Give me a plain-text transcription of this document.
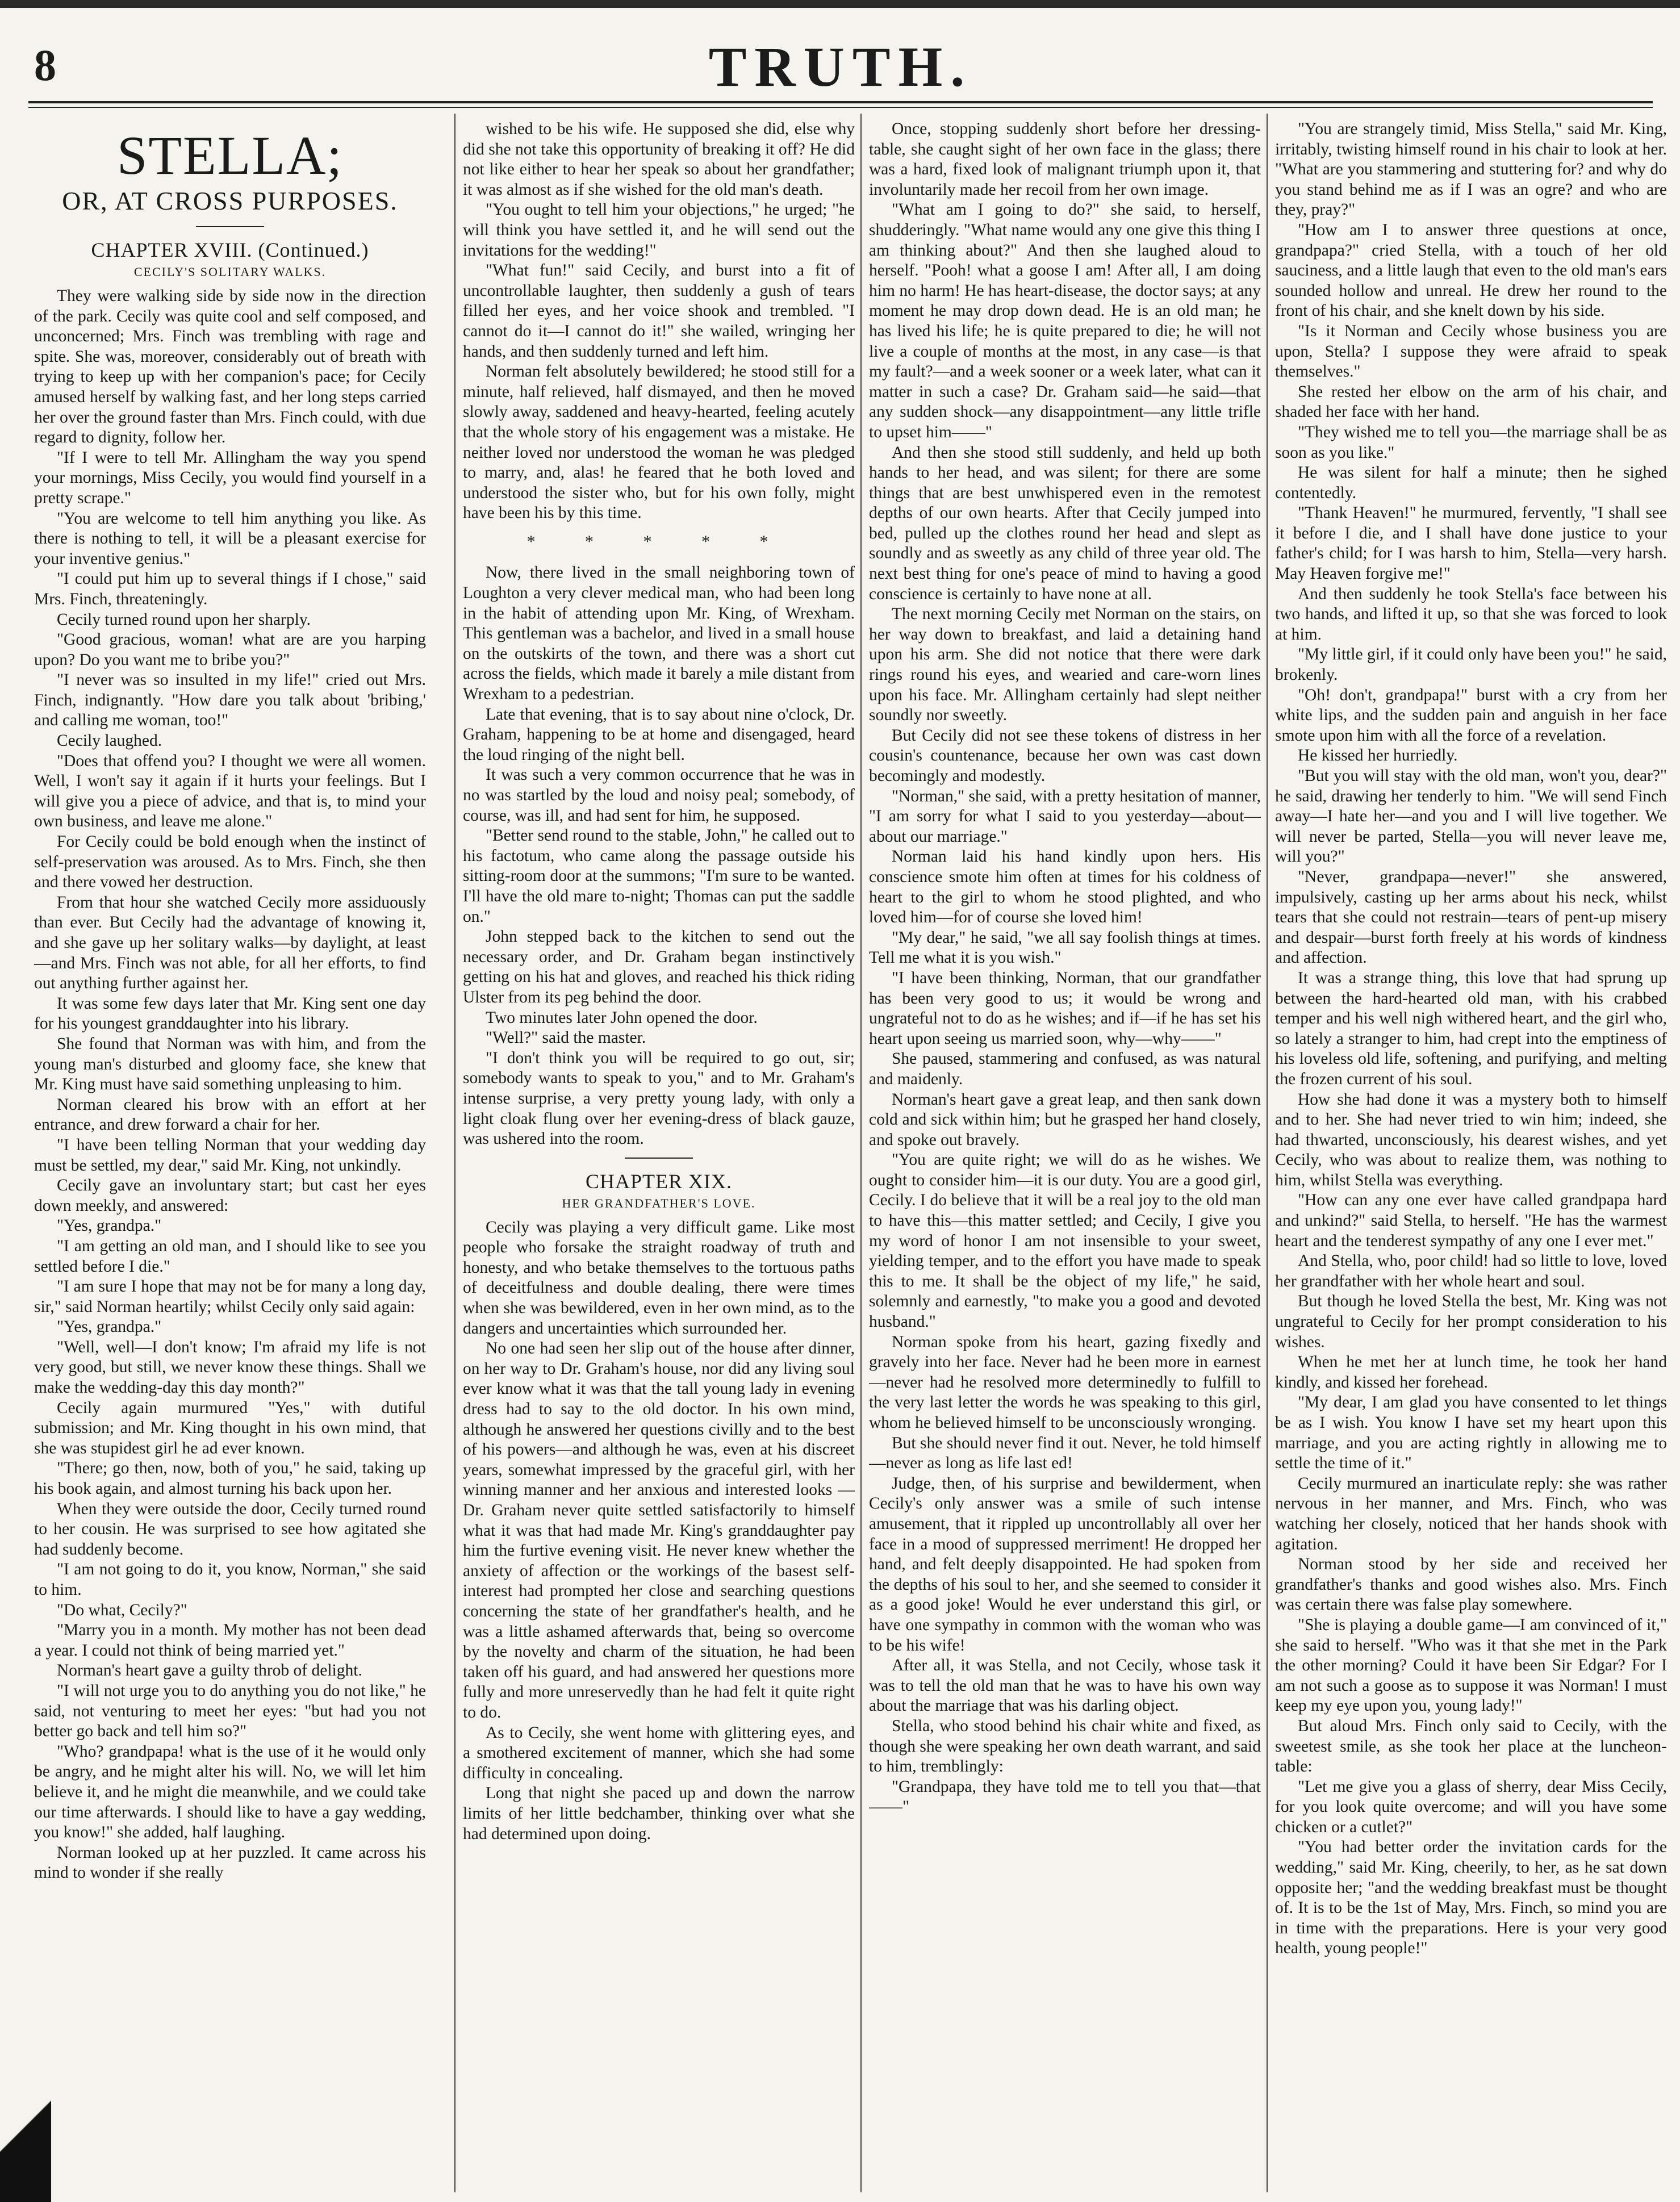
8	TRUTH.
STELLA;
OR, AT CROSS PURPOSES.
CHAPTER XVIII. (Continued.)
CECILY'S SOLITARY WALKS.

They were walking side by side now in the direction of the park. Cecily was quite cool and self composed, and unconcerned; Mrs. Finch was trembling with rage and spite. She was, moreover, considerably out of breath with trying to keep up with her companion's pace; for Cecily amused herself by walking fast, and her long steps carried her over the ground faster than Mrs. Finch could, with due regard to dignity, follow her.

"If I were to tell Mr. Allingham the way you spend your mornings, Miss Cecily, you would find yourself in a pretty scrape."

"You are welcome to tell him anything you like. As there is nothing to tell, it will be a pleasant exercise for your inventive genius."

"I could put him up to several things if I chose," said Mrs. Finch, threateningly.

Cecily turned round upon her sharply.

"Good gracious, woman! what are are you harping upon? Do you want me to bribe you?"

"I never was so insulted in my life!" cried out Mrs. Finch, indignantly. "How dare you talk about 'bribing,' and calling me woman, too!"

Cecily laughed.

"Does that offend you? I thought we were all women. Well, I won't say it again if it hurts your feelings. But I will give you a piece of advice, and that is, to mind your own business, and leave me alone."

For Cecily could be bold enough when the instinct of self-preservation was aroused. As to Mrs. Finch, she then and there vowed her destruction.

From that hour she watched Cecily more assiduously than ever. But Cecily had the advantage of knowing it, and she gave up her solitary walks—by daylight, at least—and Mrs. Finch was not able, for all her efforts, to find out anything further against her.

It was some few days later that Mr. King sent one day for his youngest granddaughter into his library.

She found that Norman was with him, and from the young man's disturbed and gloomy face, she knew that Mr. King must have said something unpleasing to him.

Norman cleared his brow with an effort at her entrance, and drew forward a chair for her.

"I have been telling Norman that your wedding day must be settled, my dear," said Mr. King, not unkindly.

Cecily gave an involuntary start; but cast her eyes down meekly, and answered:

"Yes, grandpa."

"I am getting an old man, and I should like to see you settled before I die."

"I am sure I hope that may not be for many a long day, sir," said Norman heartily; whilst Cecily only said again:

"Yes, grandpa."

"Well, well—I don't know; I'm afraid my life is not very good, but still, we never know these things. Shall we make the wedding-day this day month?"

Cecily again murmured "Yes," with dutiful submission; and Mr. King thought in his own mind, that she was stupidest girl he ad ever known.

"There; go then, now, both of you," he said, taking up his book again, and almost turning his back upon her.

When they were outside the door, Cecily turned round to her cousin. He was surprised to see how agitated she had suddenly become.

"I am not going to do it, you know, Norman," she said to him.

"Do what, Cecily?"

"Marry you in a month. My mother has not been dead a year. I could not think of being married yet."

Norman's heart gave a guilty throb of delight.

"I will not urge you to do anything you do not like," he said, not venturing to meet her eyes: "but had you not better go back and tell him so?"

"Who? grandpapa! what is the use of it he would only be angry, and he might alter his will. No, we will let him believe it, and he might die meanwhile, and we could take our time afterwards. I should like to have a gay wedding, you know!" she added, half laughing.

Norman looked up at her puzzled. It came across his mind to wonder if she really

wished to be his wife. He supposed she did, else why did she not take this opportunity of breaking it off? He did not like either to hear her speak so about her grandfather; it was almost as if she wished for the old man's death.

"You ought to tell him your objections," he urged; "he will think you have settled it, and he will send out the invitations for the wedding!"

"What fun!" said Cecily, and burst into a fit of uncontrollable laughter, then suddenly a gush of tears filled her eyes, and her voice shook and trembled. "I cannot do it—I cannot do it!" she wailed, wringing her hands, and then suddenly turned and left him.

Norman felt absolutely bewildered; he stood still for a minute, half relieved, half dismayed, and then he moved slowly away, saddened and heavy-hearted, feeling acutely that the whole story of his engagement was a mistake. He neither loved nor understood the woman he was pledged to marry, and, alas! he feared that he both loved and understood the sister who, but for his own folly, might have been his by this time.

* * * * *

Now, there lived in the small neighboring town of Loughton a very clever medical man, who had been long in the habit of attending upon Mr. King, of Wrexham. This gentleman was a bachelor, and lived in a small house on the outskirts of the town, and there was a short cut across the fields, which made it barely a mile distant from Wrexham to a pedestrian.

Late that evening, that is to say about nine o'clock, Dr. Graham, happening to be at home and disengaged, heard the loud ringing of the night bell.

It was such a very common occurrence that he was in no was startled by the loud and noisy peal; somebody, of course, was ill, and had sent for him, he supposed.

"Better send round to the stable, John," he called out to his factotum, who came along the passage outside his sitting-room door at the summons; "I'm sure to be wanted. I'll have the old mare to-night; Thomas can put the saddle on."

John stepped back to the kitchen to send out the necessary order, and Dr. Graham began instinctively getting on his hat and gloves, and reached his thick riding Ulster from its peg behind the door.

Two minutes later John opened the door.

"Well?" said the master.

"I don't think you will be required to go out, sir; somebody wants to speak to you," and to Mr. Graham's intense surprise, a very pretty young lady, with only a light cloak flung over her evening-dress of black gauze, was ushered into the room.

CHAPTER XIX.
HER GRANDFATHER'S LOVE.

Cecily was playing a very difficult game. Like most people who forsake the straight roadway of truth and honesty, and who betake themselves to the tortuous paths of deceitfulness and double dealing, there were times when she was bewildered, even in her own mind, as to the dangers and uncertainties which surrounded her.

No one had seen her slip out of the house after dinner, on her way to Dr. Graham's house, nor did any living soul ever know what it was that the tall young lady in evening dress had to say to the old doctor. In his own mind, although he answered her questions civilly and to the best of his powers—and although he was, even at his discreet years, somewhat impressed by the graceful girl, with her winning manner and her anxious and interested looks — Dr. Graham never quite settled satisfactorily to himself what it was that had made Mr. King's granddaughter pay him the furtive evening visit. He never knew whether the anxiety of affection or the workings of the basest self-interest had prompted her close and searching questions concerning the state of her grandfather's health, and he was a little ashamed afterwards that, being so overcome by the novelty and charm of the situation, he had been taken off his guard, and had answered her questions more fully and more unreservedly than he had felt it quite right to do.

As to Cecily, she went home with glittering eyes, and a smothered excitement of manner, which she had some difficulty in concealing.

Long that night she paced up and down the narrow limits of her little bedchamber, thinking over what she had determined upon doing.

Once, stopping suddenly short before her dressing-table, she caught sight of her own face in the glass; there was a hard, fixed look of malignant triumph upon it, that involuntarily made her recoil from her own image.

"What am I going to do?" she said, to herself, shudderingly. "What name would any one give this thing I am thinking about?" And then she laughed aloud to herself. "Pooh! what a goose I am! After all, I am doing him no harm! He has heart-disease, the doctor says; at any moment he may drop down dead. He is an old man; he has lived his life; he is quite prepared to die; he will not live a couple of months at the most, in any case—is that my fault?—and a week sooner or a week later, what can it matter in such a case? Dr. Graham said—he said—that any sudden shock—any disappointment—any little trifle to upset him——"

And then she stood still suddenly, and held up both hands to her head, and was silent; for there are some things that are best unwhispered even in the remotest depths of our own hearts. After that Cecily jumped into bed, pulled up the clothes round her head and slept as soundly and as sweetly as any child of three year old. The next best thing for one's peace of mind to having a good conscience is certainly to have none at all.

The next morning Cecily met Norman on the stairs, on her way down to breakfast, and laid a detaining hand upon his arm. She did not notice that there were dark rings round his eyes, and wearied and care-worn lines upon his face. Mr. Allingham certainly had slept neither soundly nor sweetly.

But Cecily did not see these tokens of distress in her cousin's countenance, because her own was cast down becomingly and modestly.

"Norman," she said, with a pretty hesitation of manner, "I am sorry for what I said to you yesterday—about—about our marriage."

Norman laid his hand kindly upon hers. His conscience smote him often at times for his coldness of heart to the girl to whom he stood plighted, and who loved him—for of course she loved him!

"My dear," he said, "we all say foolish things at times. Tell me what it is you wish."

"I have been thinking, Norman, that our grandfather has been very good to us; it would be wrong and ungrateful not to do as he wishes; and if—if he has set his heart upon seeing us married soon, why—why——"

She paused, stammering and confused, as was natural and maidenly.

Norman's heart gave a great leap, and then sank down cold and sick within him; but he grasped her hand closely, and spoke out bravely.

"You are quite right; we will do as he wishes. We ought to consider him—it is our duty. You are a good girl, Cecily. I do believe that it will be a real joy to the old man to have this—this matter settled; and Cecily, I give you my word of honor I am not insensible to your sweet, yielding temper, and to the effort you have made to speak this to me. It shall be the object of my life," he said, solemnly and earnestly, "to make you a good and devoted husband."

Norman spoke from his heart, gazing fixedly and gravely into her face. Never had he been more in earnest—never had he resolved more determinedly to fulfill to the very last letter the words he was speaking to this girl, whom he believed himself to be unconsciously wronging.

But she should never find it out. Never, he told himself—never as long as life last ed!

Judge, then, of his surprise and bewilderment, when Cecily's only answer was a smile of such intense amusement, that it rippled up uncontrollably all over her face in a mood of suppressed merriment! He dropped her hand, and felt deeply disappointed. He had spoken from the depths of his soul to her, and she seemed to consider it as a good joke! Would he ever understand this girl, or have one sympathy in common with the woman who was to be his wife!

After all, it was Stella, and not Cecily, whose task it was to tell the old man that he was to have his own way about the marriage that was his darling object.

Stella, who stood behind his chair white and fixed, as though she were speaking her own death warrant, and said to him, tremblingly:

"Grandpapa, they have told me to tell you that—that——"

"You are strangely timid, Miss Stella," said Mr. King, irritably, twisting himself round in his chair to look at her. "What are you stammering and stuttering for? and why do you stand behind me as if I was an ogre? and who are they, pray?"

"How am I to answer three questions at once, grandpapa?" cried Stella, with a touch of her old sauciness, and a little laugh that even to the old man's ears sounded hollow and unreal. He drew her round to the front of his chair, and she knelt down by his side.

"Is it Norman and Cecily whose business you are upon, Stella? I suppose they were afraid to speak themselves."

She rested her elbow on the arm of his chair, and shaded her face with her hand.

"They wished me to tell you—the marriage shall be as soon as you like."

He was silent for half a minute; then he sighed contentedly.

"Thank Heaven!" he murmured, fervently, "I shall see it before I die, and I shall have done justice to your father's child; for I was harsh to him, Stella—very harsh. May Heaven forgive me!"

And then suddenly he took Stella's face between his two hands, and lifted it up, so that she was forced to look at him.

"My little girl, if it could only have been you!" he said, brokenly.

"Oh! don't, grandpapa!" burst with a cry from her white lips, and the sudden pain and anguish in her face smote upon him with all the force of a revelation.

He kissed her hurriedly.

"But you will stay with the old man, won't you, dear?" he said, drawing her tenderly to him. "We will send Finch away—I hate her—and you and I will live together. We will never be parted, Stella—you will never leave me, will you?"

"Never, grandpapa—never!" she answered, impulsively, casting up her arms about his neck, whilst tears that she could not restrain—tears of pent-up misery and despair—burst forth freely at his words of kindness and affection.

It was a strange thing, this love that had sprung up between the hard-hearted old man, with his crabbed temper and his well nigh withered heart, and the girl who, so lately a stranger to him, had crept into the emptiness of his loveless old life, softening, and purifying, and melting the frozen current of his soul.

How she had done it was a mystery both to himself and to her. She had never tried to win him; indeed, she had thwarted, unconsciously, his dearest wishes, and yet Cecily, who was about to realize them, was nothing to him, whilst Stella was everything.

"How can any one ever have called grandpapa hard and unkind?" said Stella, to herself. "He has the warmest heart and the tenderest sympathy of any one I ever met."

And Stella, who, poor child! had so little to love, loved her grandfather with her whole heart and soul.

But though he loved Stella the best, Mr. King was not ungrateful to Cecily for her prompt consideration to his wishes.

When he met her at lunch time, he took her hand kindly, and kissed her forehead.

"My dear, I am glad you have consented to let things be as I wish. You know I have set my heart upon this marriage, and you are acting rightly in allowing me to settle the time of it."

Cecily murmured an inarticulate reply: she was rather nervous in her manner, and Mrs. Finch, who was watching her closely, noticed that her hands shook with agitation.

Norman stood by her side and received her grandfather's thanks and good wishes also. Mrs. Finch was certain there was false play somewhere.

"She is playing a double game—I am convinced of it," she said to herself. "Who was it that she met in the Park the other morning? Could it have been Sir Edgar? For I am not such a goose as to suppose it was Norman! I must keep my eye upon you, young lady!"

But aloud Mrs. Finch only said to Cecily, with the sweetest smile, as she took her place at the luncheon-table:

"Let me give you a glass of sherry, dear Miss Cecily, for you look quite overcome; and will you have some chicken or a cutlet?"

"You had better order the invitation cards for the wedding," said Mr. King, cheerily, to her, as he sat down opposite her; "and the wedding breakfast must be thought of. It is to be the 1st of May, Mrs. Finch, so mind you are in time with the preparations. Here is your very good health, young people!"
